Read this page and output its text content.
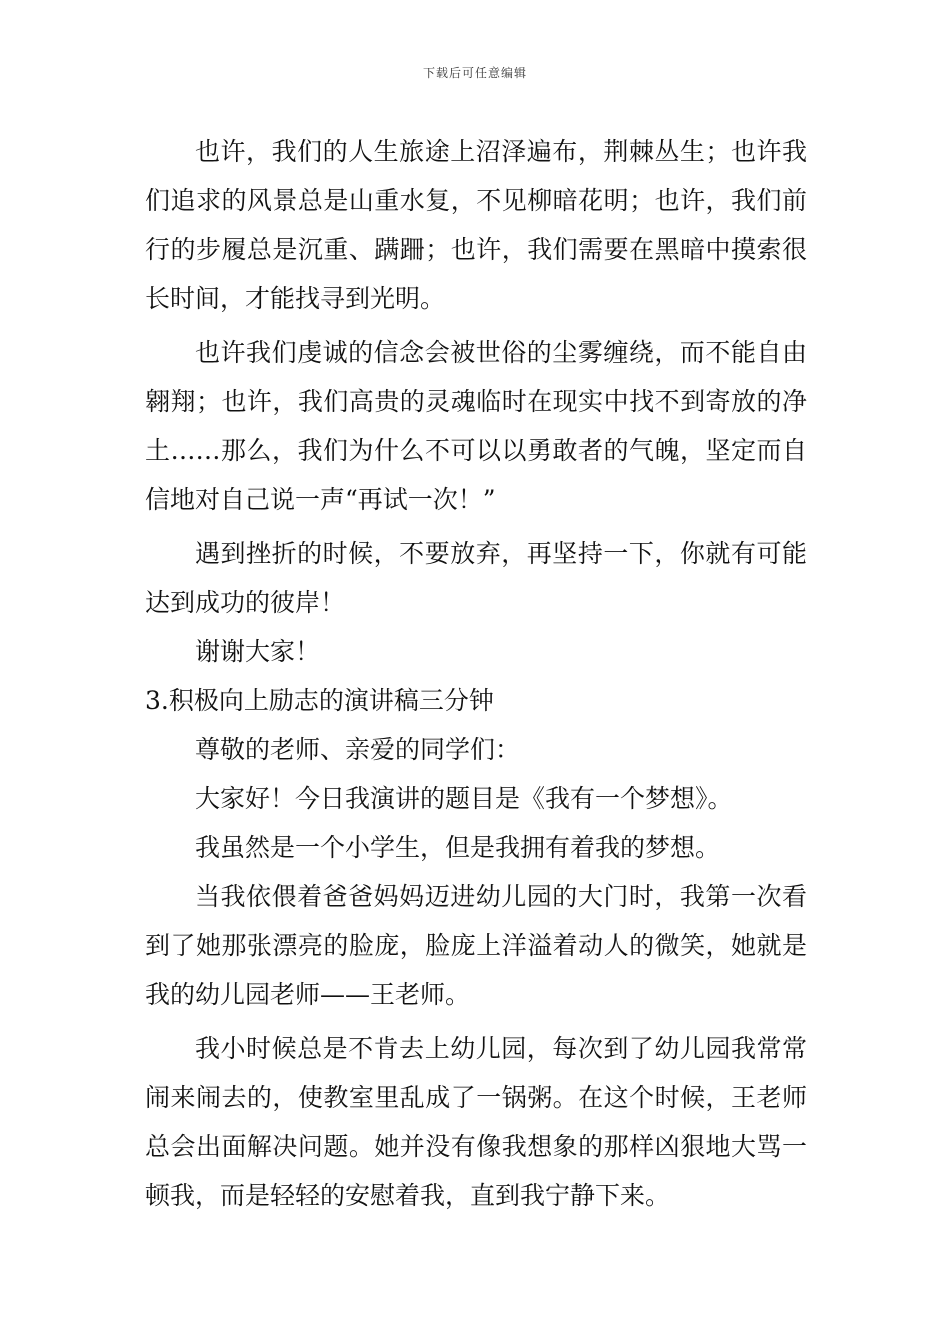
下载后可任意编辑

也许，我们的人生旅途上沼泽遍布，荆棘丛生；也许我们追求的风景总是山重水复，不见柳暗花明；也许，我们前行的步履总是沉重、蹒跚；也许，我们需要在黑暗中摸索很长时间，才能找寻到光明。

也许我们虔诚的信念会被世俗的尘雾缠绕，而不能自由翱翔；也许，我们高贵的灵魂临时在现实中找不到寄放的净土……那么，我们为什么不可以以勇敢者的气魄，坚定而自信地对自己说一声“再试一次！”

遇到挫折的时候，不要放弃，再坚持一下，你就有可能达到成功的彼岸！

谢谢大家！

3.积极向上励志的演讲稿三分钟

尊敬的老师、亲爱的同学们：

大家好！今日我演讲的题目是《我有一个梦想》。

我虽然是一个小学生，但是我拥有着我的梦想。

当我依偎着爸爸妈妈迈进幼儿园的大门时，我第一次看到了她那张漂亮的脸庞，脸庞上洋溢着动人的微笑，她就是我的幼儿园老师——王老师。

我小时候总是不肯去上幼儿园，每次到了幼儿园我常常闹来闹去的，使教室里乱成了一锅粥。在这个时候，王老师总会出面解决问题。她并没有像我想象的那样凶狠地大骂一顿我，而是轻轻的安慰着我，直到我宁静下来。
